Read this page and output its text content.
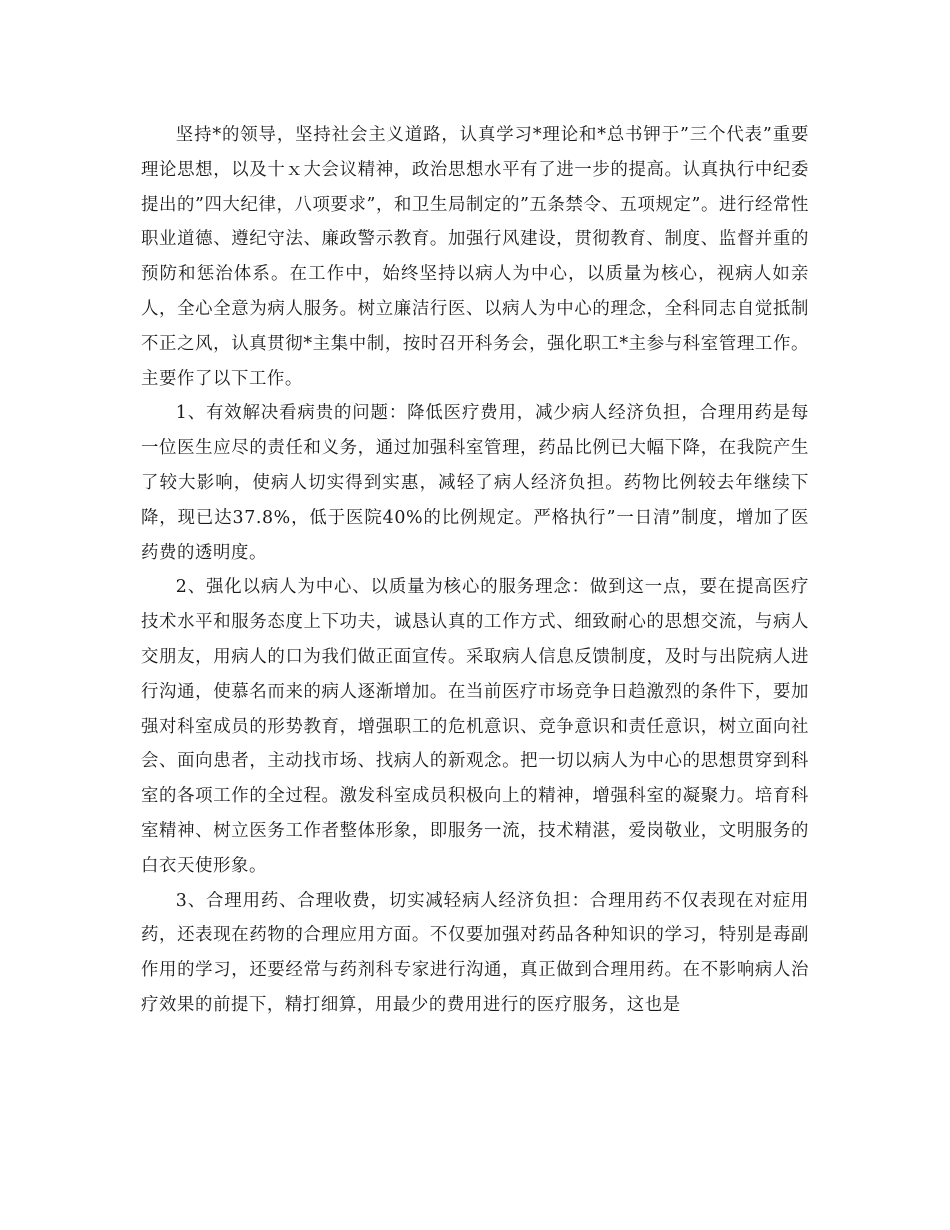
坚持*的领导，坚持社会主义道路，认真学习*理论和*总书钾于”三个代表”重要理论思想，以及十ｘ大会议精神，政治思想水平有了进一步的提高。认真执行中纪委提出的”四大纪律，八项要求”，和卫生局制定的”五条禁令、五项规定”。进行经常性职业道德、遵纪守法、廉政警示教育。加强行风建设，贯彻教育、制度、监督并重的预防和惩治体系。在工作中，始终坚持以病人为中心，以质量为核心，视病人如亲人，全心全意为病人服务。树立廉洁行医、以病人为中心的理念，全科同志自觉抵制不正之风，认真贯彻*主集中制，按时召开科务会，强化职工*主参与科室管理工作。主要作了以下工作。

1、有效解决看病贵的问题：降低医疗费用，减少病人经济负担，合理用药是每一位医生应尽的责任和义务，通过加强科室管理，药品比例已大幅下降，在我院产生了较大影响，使病人切实得到实惠，减轻了病人经济负担。药物比例较去年继续下降，现已达37.8%，低于医院40%的比例规定。严格执行”一日清”制度，增加了医药费的透明度。

2、强化以病人为中心、以质量为核心的服务理念：做到这一点，要在提高医疗技术水平和服务态度上下功夫，诚恳认真的工作方式、细致耐心的思想交流，与病人交朋友，用病人的口为我们做正面宣传。采取病人信息反馈制度，及时与出院病人进行沟通，使慕名而来的病人逐渐增加。在当前医疗市场竞争日趋激烈的条件下，要加强对科室成员的形势教育，增强职工的危机意识、竞争意识和责任意识，树立面向社会、面向患者，主动找市场、找病人的新观念。把一切以病人为中心的思想贯穿到科室的各项工作的全过程。激发科室成员积极向上的精神，增强科室的凝聚力。培育科室精神、树立医务工作者整体形象，即服务一流，技术精湛，爱岗敬业，文明服务的白衣天使形象。

3、合理用药、合理收费，切实减轻病人经济负担：合理用药不仅表现在对症用药，还表现在药物的合理应用方面。不仅要加强对药品各种知识的学习，特别是毒副作用的学习，还要经常与药剂科专家进行沟通，真正做到合理用药。在不影响病人治疗效果的前提下，精打细算，用最少的费用进行的医疗服务，这也是
